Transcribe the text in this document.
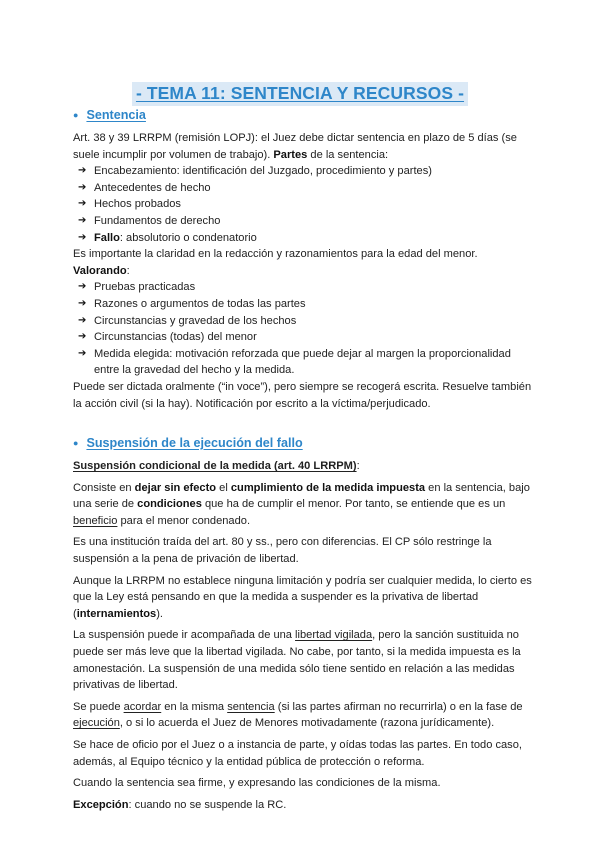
- TEMA 11: SENTENCIA Y RECURSOS -
● Sentencia

Art. 38 y 39 LRRPM (remisión LOPJ): el Juez debe dictar sentencia en plazo de 5 días (se suele incumplir por volumen de trabajo). Partes de la sentencia:

➔ Encabezamiento: identificación del Juzgado, procedimiento y partes)
➔ Antecedentes de hecho
➔ Hechos probados
➔ Fundamentos de derecho
➔ Fallo: absolutorio o condenatorio

Es importante la claridad en la redacción y razonamientos para la edad del menor.

Valorando:

➔ Pruebas practicadas
➔ Razones o argumentos de todas las partes
➔ Circunstancias y gravedad de los hechos
➔ Circunstancias (todas) del menor
➔ Medida elegida: motivación reforzada que puede dejar al margen la proporcionalidad entre la gravedad del hecho y la medida.

Puede ser dictada oralmente (“in voce”), pero siempre se recogerá escrita. Resuelve también la acción civil (si la hay). Notificación por escrito a la víctima/perjudicado.

● Suspensión de la ejecución del fallo

Suspensión condicional de la medida (art. 40 LRRPM):

Consiste en dejar sin efecto el cumplimiento de la medida impuesta en la sentencia, bajo una serie de condiciones que ha de cumplir el menor. Por tanto, se entiende que es un beneficio para el menor condenado.

Es una institución traída del art. 80 y ss., pero con diferencias. El CP sólo restringe la suspensión a la pena de privación de libertad.

Aunque la LRRPM no establece ninguna limitación y podría ser cualquier medida, lo cierto es que la Ley está pensando en que la medida a suspender es la privativa de libertad (internamientos).

La suspensión puede ir acompañada de una libertad vigilada, pero la sanción sustituida no puede ser más leve que la libertad vigilada. No cabe, por tanto, si la medida impuesta es la amonestación. La suspensión de una medida sólo tiene sentido en relación a las medidas privativas de libertad.

Se puede acordar en la misma sentencia (si las partes afirman no recurrirla) o en la fase de ejecución, o si lo acuerda el Juez de Menores motivadamente (razona jurídicamente).

Se hace de oficio por el Juez o a instancia de parte, y oídas todas las partes. En todo caso, además, al Equipo técnico y la entidad pública de protección o reforma.

Cuando la sentencia sea firme, y expresando las condiciones de la misma.

Excepción: cuando no se suspende la RC.
